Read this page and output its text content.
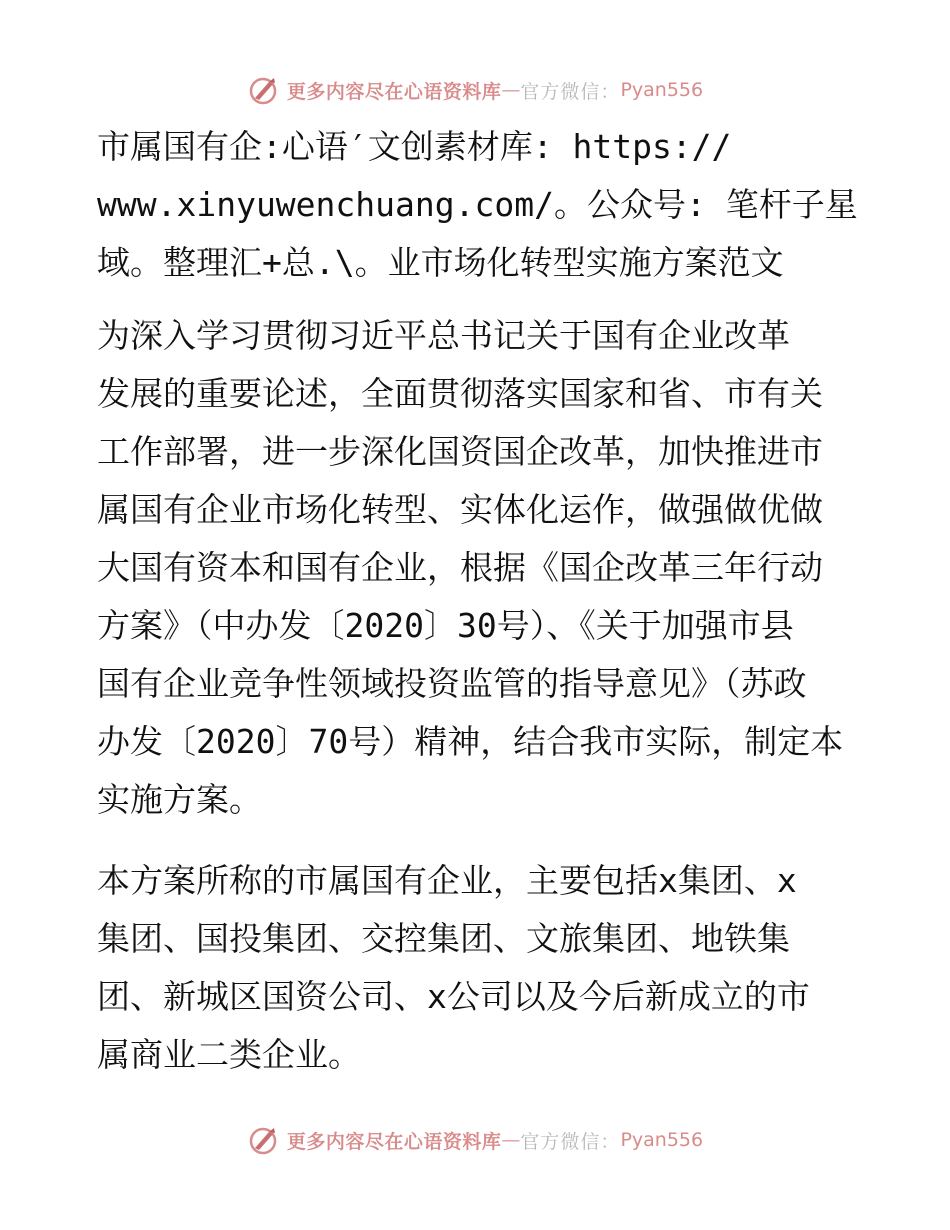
更多内容尽在心语资料库 — 官方微信： Pyan556
市属国有企:心语′文创素材库: https://
www.xinyuwenchuang.com/。公众号: 笔杆子星
域。整理汇+总.\。业市场化转型实施方案范文
为深入学习贯彻习近平总书记关于国有企业改革
发展的重要论述，全面贯彻落实国家和省、市有关
工作部署，进一步深化国资国企改革，加快推进市
属国有企业市场化转型、实体化运作，做强做优做
大国有资本和国有企业，根据《国企改革三年行动
方案》（中办发〔2020〕30号）、《关于加强市县
国有企业竞争性领域投资监管的指导意见》（苏政
办发〔2020〕70号）精神，结合我市实际，制定本
实施方案。
本方案所称的市属国有企业，主要包括x集团、x
集团、国投集团、交控集团、文旅集团、地铁集
团、新城区国资公司、x公司以及今后新成立的市
属商业二类企业。
更多内容尽在心语资料库 — 官方微信： Pyan556
